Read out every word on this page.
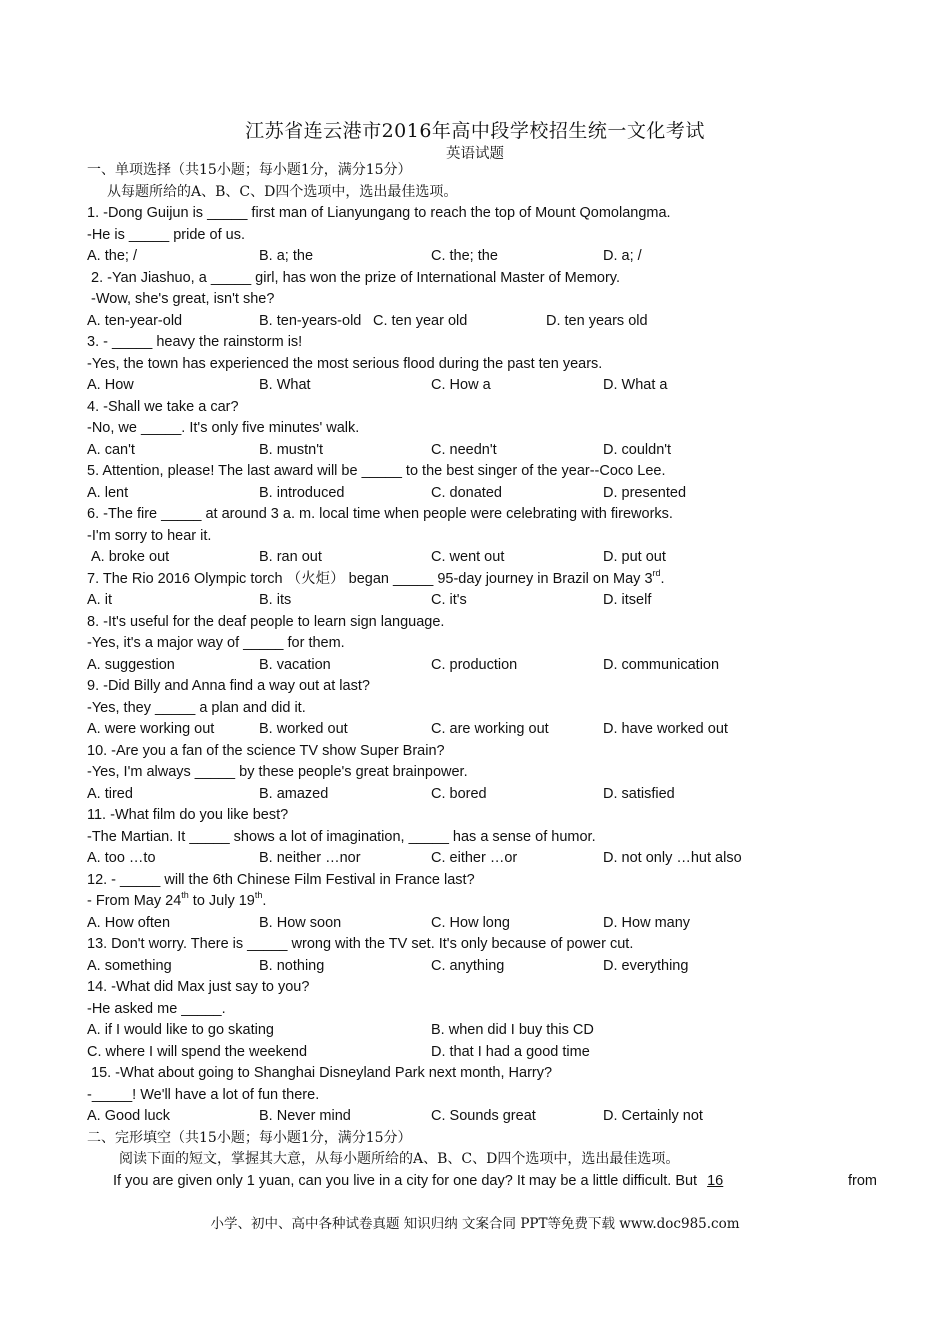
江苏省连云港市2016年高中段学校招生统一文化考试
英语试题
一、单项选择（共15小题；每小题1分，满分15分）
从每题所给的A、B、C、D四个选项中，选出最佳选项。
1. -Dong Guijun is _____ first man of Lianyungang to reach the top of Mount Qomolangma.
-He is _____ pride of us.
A. the; /	B. a; the	C. the; the	D. a; /
2. -Yan Jiashuo, a _____ girl, has won the prize of International Master of Memory.
-Wow, she's great, isn't she?
A. ten-year-old	B. ten-years-old C. ten year old	D. ten years old
3. - _____ heavy the rainstorm is!
-Yes, the town has experienced the most serious flood during the past ten years.
A. How	B. What	C. How a	D. What a
4. -Shall we take a car?
-No, we _____. It's only five minutes' walk.
A. can't	B. mustn't	C. needn't	D. couldn't
5. Attention, please! The last award will be _____ to the best singer of the year--Coco Lee.
A. lent	B. introduced	C. donated	D. presented
6. -The fire _____ at around 3 a. m. local time when people were celebrating with fireworks.
-I'm sorry to hear it.
A. broke out	B. ran out	C. went out	D. put out
7. The Rio 2016 Olympic torch （火炬） began _____ 95-day journey in Brazil on May 3rd.
A. it	B. its	C. it's	D. itself
8. -It's useful for the deaf people to learn sign language.
-Yes, it's a major way of _____ for them.
A. suggestion	B. vacation	C. production	D. communication
9. -Did Billy and Anna find a way out at last?
-Yes, they _____ a plan and did it.
A. were working out	B. worked out	C. are working out	D. have worked out
10. -Are you a fan of the science TV show Super Brain?
-Yes, I'm always _____ by these people's great brainpower.
A. tired	B. amazed	C. bored	D. satisfied
11. -What film do you like best?
-The Martian. It _____ shows a lot of imagination, _____ has a sense of humor.
A. too …to	B. neither …nor	C. either …or	D. not only …hut also
12. - _____ will the 6th Chinese Film Festival in France last?
- From May 24th to July 19th.
A. How often	B. How soon	C. How long	D. How many
13. Don't worry. There is _____ wrong with the TV set. It's only because of power cut.
A. something	B. nothing	C. anything	D. everything
14. -What did Max just say to you?
-He asked me _____.
A. if I would like to go skating	B. when did I buy this CD
C. where I will spend the weekend	D. that I had a good time
15. -What about going to Shanghai Disneyland Park next month, Harry?
-_____! We'll have a lot of fun there.
A. Good luck	B. Never mind	C. Sounds great	D. Certainly not
二、完形填空（共15小题；每小题1分，满分15分）
阅读下面的短文，掌握其大意，从每小题所给的A、B、C、D四个选项中，选出最佳选项。
If you are given only 1 yuan, can you live in a city for one day? It may be a little difficult. But 16	from
小学、初中、高中各种试卷真题 知识归纳 文案合同 PPT等免费下载 www.doc985.com
